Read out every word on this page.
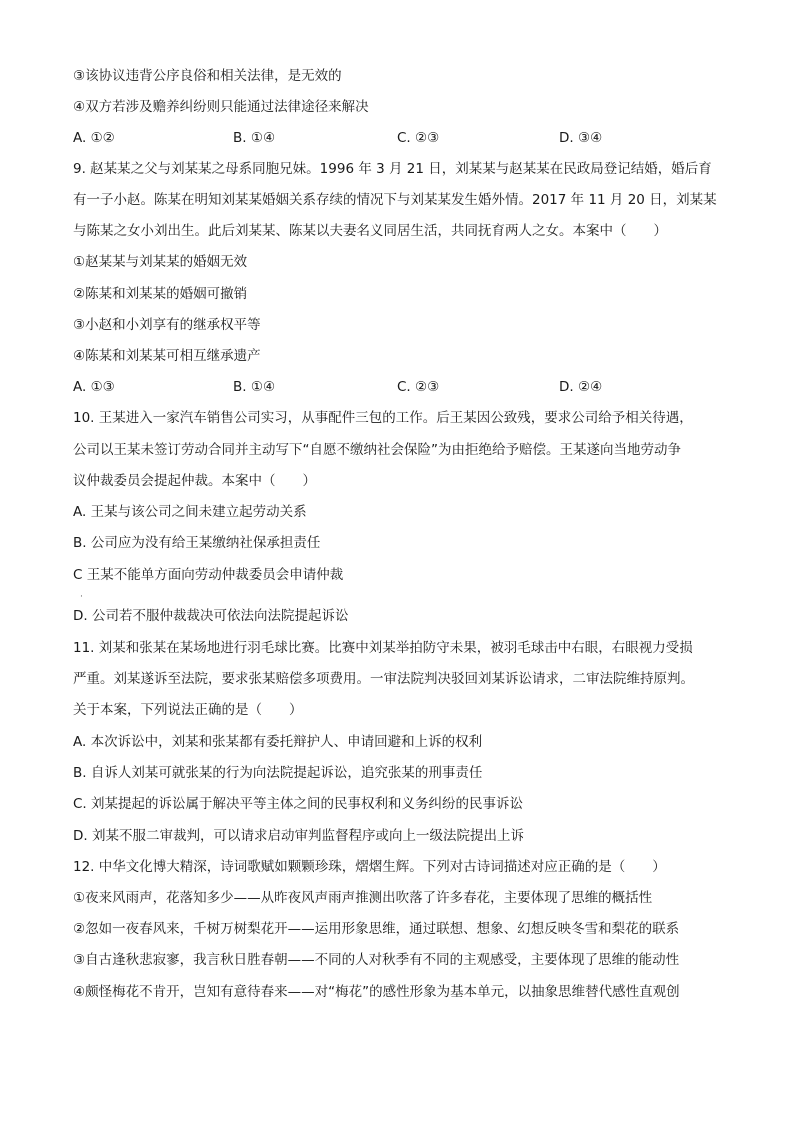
③该协议违背公序良俗和相关法律，是无效的
④双方若涉及赡养纠纷则只能通过法律途径来解决
A. ①②	B. ①④	C. ②③	D. ③④
9. 赵某某之父与刘某某之母系同胞兄妹。1996 年 3 月 21 日，刘某某与赵某某在民政局登记结婚，婚后育
有一子小赵。陈某在明知刘某某婚姻关系存续的情况下与刘某某发生婚外情。2017 年 11 月 20 日，刘某某
与陈某之女小刘出生。此后刘某某、陈某以夫妻名义同居生活，共同抚育两人之女。本案中（　　）
①赵某某与刘某某的婚姻无效
②陈某和刘某某的婚姻可撤销
③小赵和小刘享有的继承权平等
④陈某和刘某某可相互继承遗产
A. ①③	B. ①④	C. ②③	D. ②④
10. 王某进入一家汽车销售公司实习，从事配件三包的工作。后王某因公致残，要求公司给予相关待遇，
公司以王某未签订劳动合同并主动写下“自愿不缴纳社会保险”为由拒绝给予赔偿。王某遂向当地劳动争
议仲裁委员会提起仲裁。本案中（　　）
A. 王某与该公司之间未建立起劳动关系
B. 公司应为没有给王某缴纳社保承担责任
C 王某不能单方面向劳动仲裁委员会申请仲裁
·
D. 公司若不服仲裁裁决可依法向法院提起诉讼
11. 刘某和张某在某场地进行羽毛球比赛。比赛中刘某举拍防守未果，被羽毛球击中右眼，右眼视力受损
严重。刘某遂诉至法院，要求张某赔偿多项费用。一审法院判决驳回刘某诉讼请求，二审法院维持原判。
关于本案，下列说法正确的是（　　）
A. 本次诉讼中，刘某和张某都有委托辩护人、申请回避和上诉的权利
B. 自诉人刘某可就张某的行为向法院提起诉讼，追究张某的刑事责任
C. 刘某提起的诉讼属于解决平等主体之间的民事权利和义务纠纷的民事诉讼
D. 刘某不服二审裁判，可以请求启动审判监督程序或向上一级法院提出上诉
12. 中华文化博大精深，诗词歌赋如颗颗珍珠，熠熠生辉。下列对古诗词描述对应正确的是（　　）
①夜来风雨声，花落知多少——从昨夜风声雨声推测出吹落了许多春花，主要体现了思维的概括性
②忽如一夜春风来，千树万树梨花开——运用形象思维，通过联想、想象、幻想反映冬雪和梨花的联系
③自古逢秋悲寂寥，我言秋日胜春朝——不同的人对秋季有不同的主观感受，主要体现了思维的能动性
④颇怪梅花不肯开，岂知有意待春来——对“梅花”的感性形象为基本单元，以抽象思维替代感性直观创
